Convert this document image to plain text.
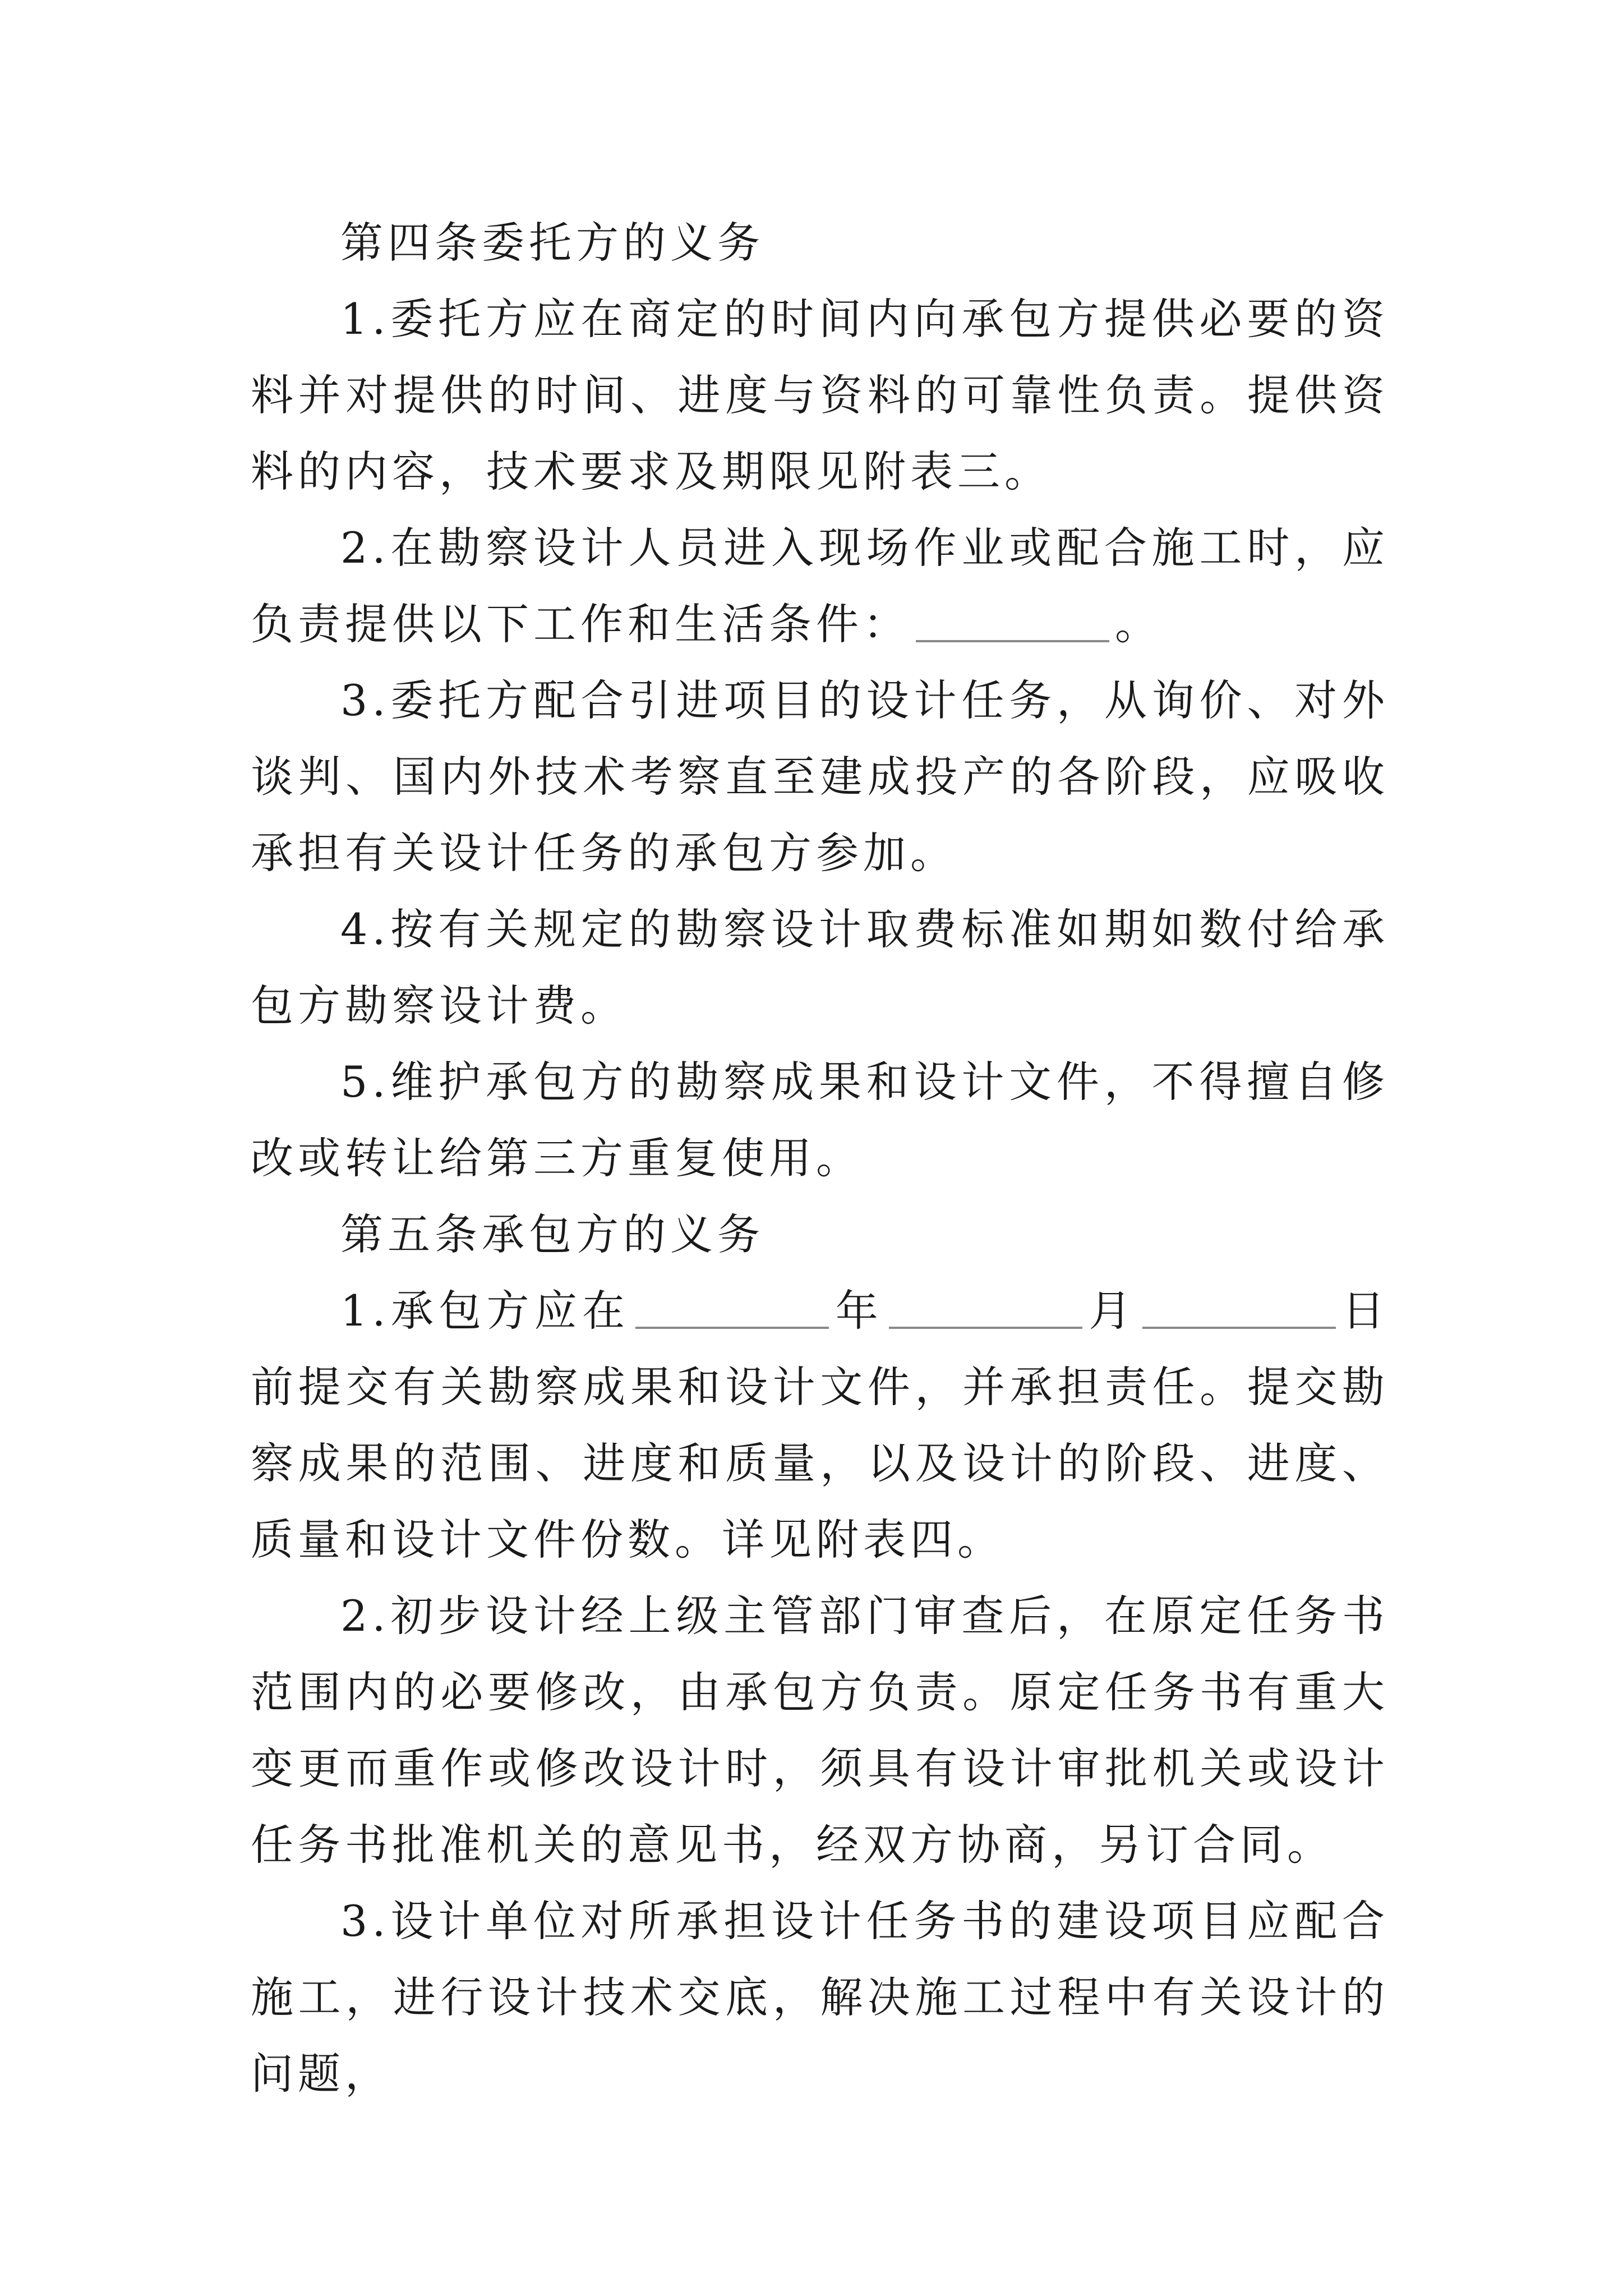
第四条委托方的义务

1.委托方应在商定的时间内向承包方提供必要的资料并对提供的时间、进度与资料的可靠性负责。提供资料的内容，技术要求及期限见附表三。

2.在勘察设计人员进入现场作业或配合施工时，应负责提供以下工作和生活条件：	。

3.委托方配合引进项目的设计任务，从询价、对外谈判、国内外技术考察直至建成投产的各阶段，应吸收承担有关设计任务的承包方参加。

4.按有关规定的勘察设计取费标准如期如数付给承包方勘察设计费。

5.维护承包方的勘察成果和设计文件，不得擅自修改或转让给第三方重复使用。

第五条承包方的义务

1.承包方应在	年	月	日前提交有关勘察成果和设计文件，并承担责任。提交勘察成果的范围、进度和质量，以及设计的阶段、进度、质量和设计文件份数。详见附表四。

2.初步设计经上级主管部门审查后，在原定任务书范围内的必要修改，由承包方负责。原定任务书有重大变更而重作或修改设计时，须具有设计审批机关或设计任务书批准机关的意见书，经双方协商，另订合同。

3.设计单位对所承担设计任务书的建设项目应配合施工，进行设计技术交底，解决施工过程中有关设计的问题，
